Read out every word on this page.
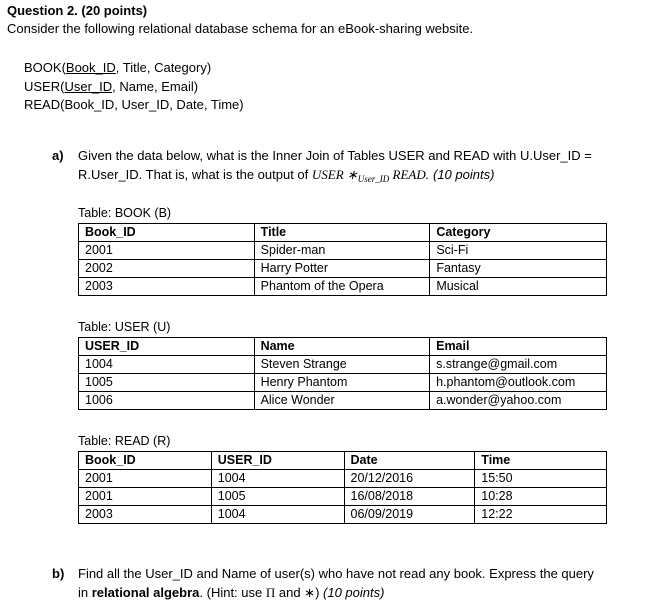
Question 2. (20 points)
Consider the following relational database schema for an eBook-sharing website.
BOOK(Book_ID, Title, Category)
USER(User_ID, Name, Email)
READ(Book_ID, User_ID, Date, Time)
a) Given the data below, what is the Inner Join of Tables USER and READ with U.User_ID =
R.User_ID. That is, what is the output of USER $∗_{User\_ID}$ READ. (10 points)
Table: BOOK (B)
Book_ID	Title	Category
2001	Spider-man	Sci-Fi
2002	Harry Potter	Fantasy
2003	Phantom of the Opera	Musical
Table: USER (U)
USER_ID	Name	Email
1004	Steven Strange	s.strange@gmail.com
1005	Henry Phantom	h.phantom@outlook.com
1006	Alice Wonder	a.wonder@yahoo.com
Table: READ (R)
Book_ID	USER_ID	Date	Time
2001	1004	20/12/2016	15:50
2001	1005	16/08/2018	10:28
2003	1004	06/09/2019	12:22
b) Find all the User_ID and Name of user(s) who have not read any book. Express the query
in relational algebra. (Hint: use Π and ∗) (10 points)
